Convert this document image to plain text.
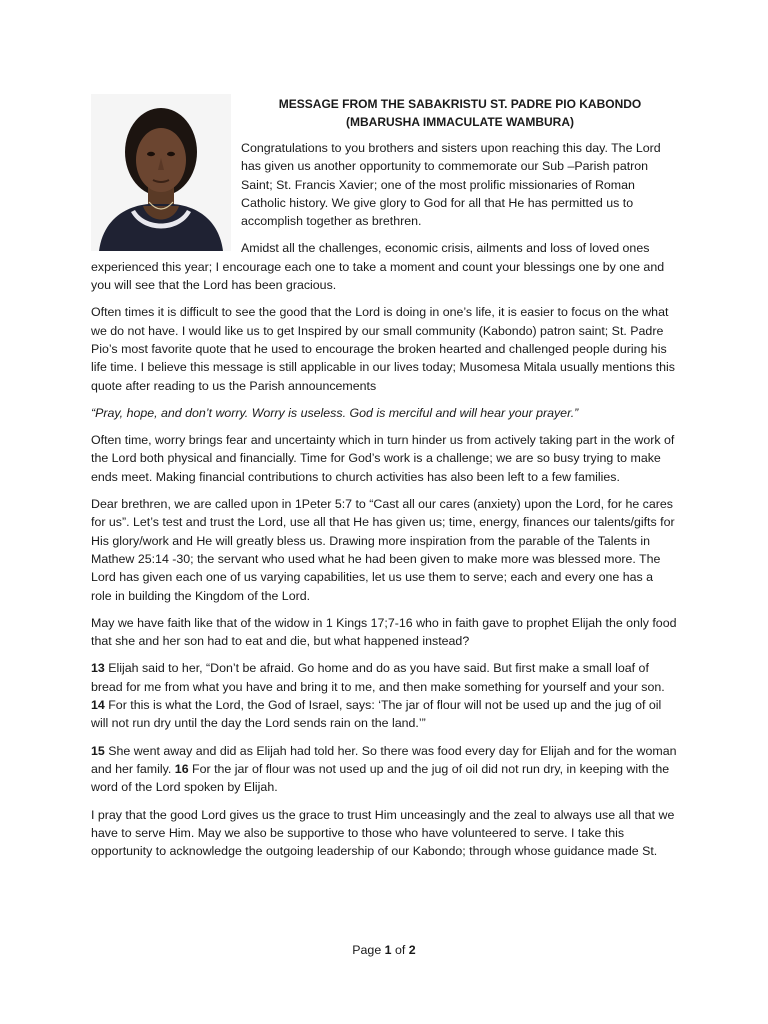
MESSAGE FROM THE SABAKRISTU ST. PADRE PIO KABONDO
(MBARUSHA IMMACULATE WAMBURA)

Congratulations to you brothers and sisters upon reaching this day. The Lord has given us another opportunity to commemorate our Sub –Parish patron Saint; St. Francis Xavier; one of the most prolific missionaries of Roman Catholic history. We give glory to God for all that He has permitted us to accomplish together as brethren.

Amidst all the challenges, economic crisis, ailments and loss of loved ones experienced this year; I encourage each one to take a moment and count your blessings one by one and you will see that the Lord has been gracious.

Often times it is difficult to see the good that the Lord is doing in one’s life, it is easier to focus on the what we do not have. I would like us to get Inspired by our small community (Kabondo) patron saint; St. Padre Pio’s most favorite quote that he used to encourage the broken hearted and challenged people during his life time. I believe this message is still applicable in our lives today; Musomesa Mitala usually mentions this quote after reading to us the Parish announcements

“Pray, hope, and don’t worry. Worry is useless. God is merciful and will hear your prayer.”

Often time, worry brings fear and uncertainty which in turn hinder us from actively taking part in the work of the Lord both physical and financially. Time for God’s work is a challenge; we are so busy trying to make ends meet. Making financial contributions to church activities has also been left to a few families.

Dear brethren, we are called upon in 1Peter 5:7 to “Cast all our cares (anxiety) upon the Lord, for he cares for us”. Let’s test and trust the Lord, use all that He has given us; time, energy, finances our talents/gifts for His glory/work and He will greatly bless us. Drawing more inspiration from the parable of the Talents in Mathew 25:14 -30; the servant who used what he had been given to make more was blessed more. The Lord has given each one of us varying capabilities, let us use them to serve; each and every one has a role in building the Kingdom of the Lord.

May we have faith like that of the widow in 1 Kings 17;7-16 who in faith gave to prophet Elijah the only food that she and her son had to eat and die, but what happened instead?

13 Elijah said to her, “Don’t be afraid. Go home and do as you have said. But first make a small loaf of bread for me from what you have and bring it to me, and then make something for yourself and your son. 14 For this is what the Lord, the God of Israel, says: ‘The jar of flour will not be used up and the jug of oil will not run dry until the day the Lord sends rain on the land.’”

15 She went away and did as Elijah had told her. So there was food every day for Elijah and for the woman and her family. 16 For the jar of flour was not used up and the jug of oil did not run dry, in keeping with the word of the Lord spoken by Elijah.

I pray that the good Lord gives us the grace to trust Him unceasingly and the zeal to always use all that we have to serve Him. May we also be supportive to those who have volunteered to serve. I take this opportunity to acknowledge the outgoing leadership of our Kabondo; through whose guidance made St.

Page 1 of 2
